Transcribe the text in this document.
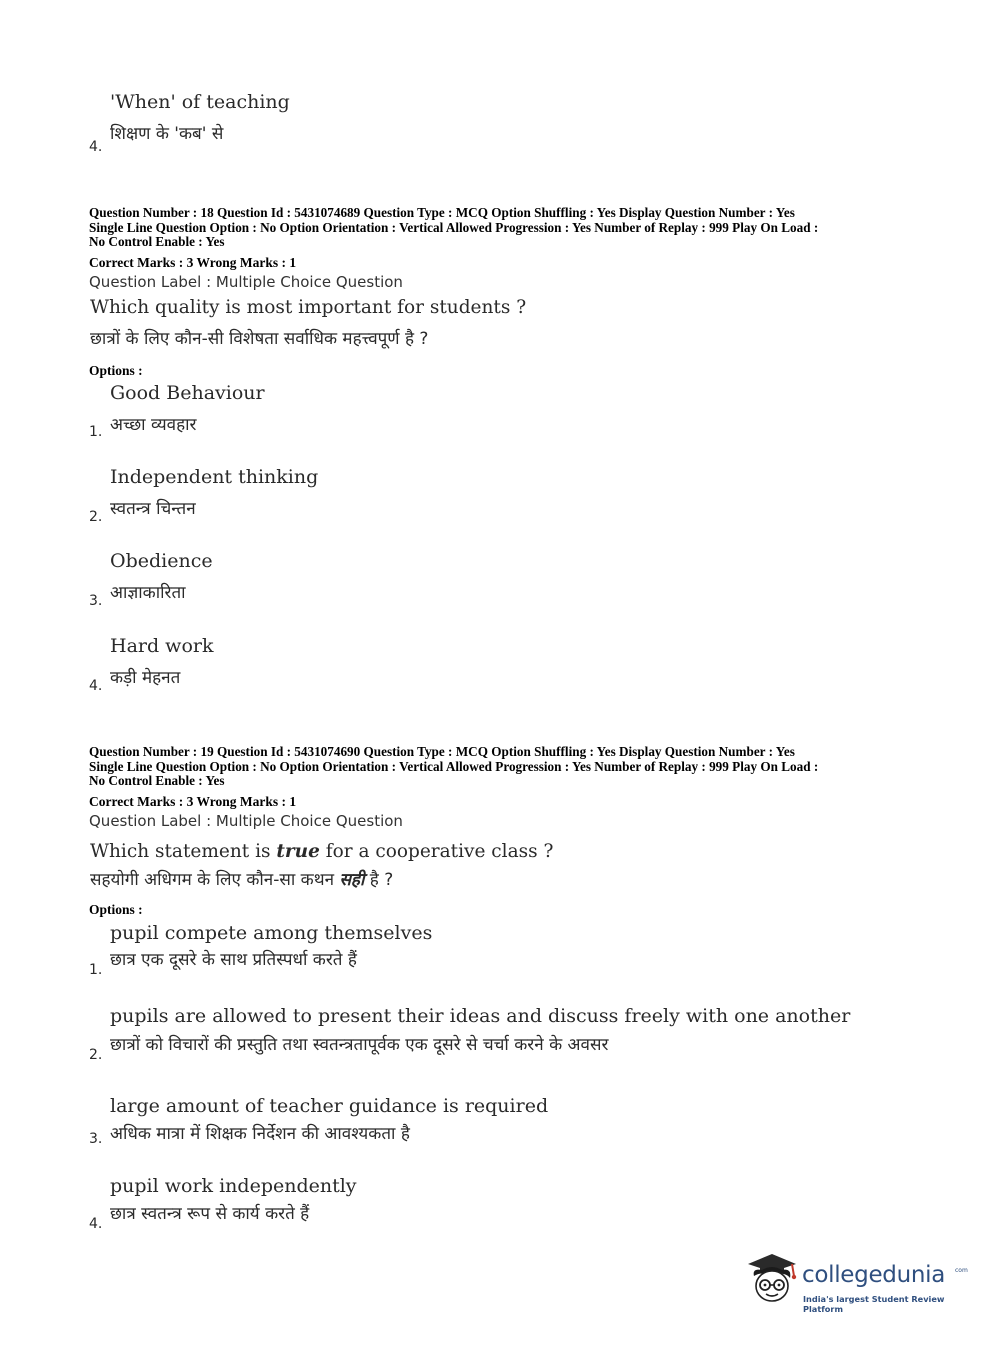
'When' of teaching
शिक्षण के 'कब' से
4.
Question Number : 18 Question Id : 5431074689 Question Type : MCQ Option Shuffling : Yes Display Question Number : Yes
Single Line Question Option : No Option Orientation : Vertical Allowed Progression : Yes Number of Replay : 999 Play On Load :
No Control Enable : Yes
Correct Marks : 3 Wrong Marks : 1
Question Label : Multiple Choice Question
Which quality is most important for students ?
छात्रों के लिए कौन-सी विशेषता सर्वाधिक महत्त्वपूर्ण है ?
Options :
Good Behaviour
अच्छा व्यवहार
1.
Independent thinking
स्वतन्त्र चिन्तन
2.
Obedience
आज्ञाकारिता
3.
Hard work
कड़ी मेहनत
4.
Question Number : 19 Question Id : 5431074690 Question Type : MCQ Option Shuffling : Yes Display Question Number : Yes
Single Line Question Option : No Option Orientation : Vertical Allowed Progression : Yes Number of Replay : 999 Play On Load :
No Control Enable : Yes
Correct Marks : 3 Wrong Marks : 1
Question Label : Multiple Choice Question
Which statement is true for a cooperative class ?
सहयोगी अधिगम के लिए कौन-सा कथन सही है ?
Options :
pupil compete among themselves
छात्र एक दूसरे के साथ प्रतिस्पर्धा करते हैं
1.
pupils are allowed to present their ideas and discuss freely with one another
छात्रों को विचारों की प्रस्तुति तथा स्वतन्त्रतापूर्वक एक दूसरे से चर्चा करने के अवसर
2.
large amount of teacher guidance is required
अधिक मात्रा में शिक्षक निर्देशन की आवश्यकता है
3.
pupil work independently
छात्र स्वतन्त्र रूप से कार्य करते हैं
4.
collegedunia com
India's largest Student Review Platform
